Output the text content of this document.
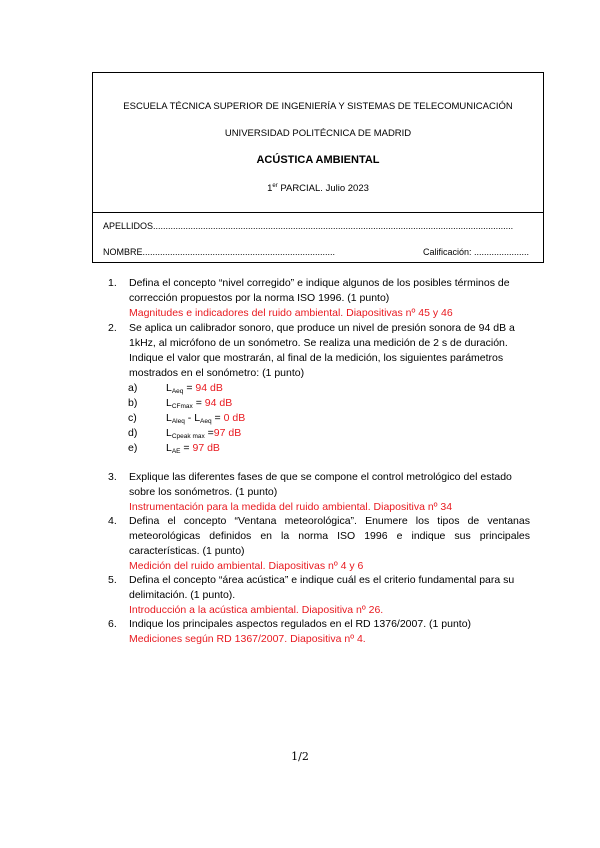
ESCUELA TÉCNICA SUPERIOR DE INGENIERÍA Y SISTEMAS DE TELECOMUNICACIÓN
UNIVERSIDAD POLITÉCNICA DE MADRID
ACÚSTICA AMBIENTAL
1er PARCIAL. Julio 2023
APELLIDOS................................................................................................................................................
NOMBRE.............................................................................	Calificación: ......................
1. Defina el concepto “nivel corregido” e indique algunos de los posibles términos de corrección propuestos por la norma ISO 1996. (1 punto)
Magnitudes e indicadores del ruido ambiental. Diapositivas nº 45 y 46
2. Se aplica un calibrador sonoro, que produce un nivel de presión sonora de 94 dB a 1kHz, al micrófono de un sonómetro. Se realiza una medición de 2 s de duración. Indique el valor que mostrarán, al final de la medición, los siguientes parámetros mostrados en el sonómetro: (1 punto)
a)	$L_{Aeq} = 94$ dB
b)	$L_{CFmax} = 94$ dB
c)	$L_{Aleq} - L_{Aeq} = 0$ dB
d)	$L_{Cpeak max} =97$ dB
e)	$L_{AE} = 97$ dB
3. Explique las diferentes fases de que se compone el control metrológico del estado sobre los sonómetros. (1 punto)
Instrumentación para la medida del ruido ambiental. Diapositiva nº 34
4. Defina el concepto “Ventana meteorológica”. Enumere los tipos de ventanas meteorológicas definidos en la norma ISO 1996 e indique sus principales características. (1 punto)
Medición del ruido ambiental. Diapositivas nº 4 y 6
5. Defina el concepto “área acústica” e indique cuál es el criterio fundamental para su delimitación. (1 punto).
Introducción a la acústica ambiental. Diapositiva nº 26.
6. Indique los principales aspectos regulados en el RD 1376/2007. (1 punto)
Mediciones según RD 1367/2007. Diapositiva nº 4.
1/2
